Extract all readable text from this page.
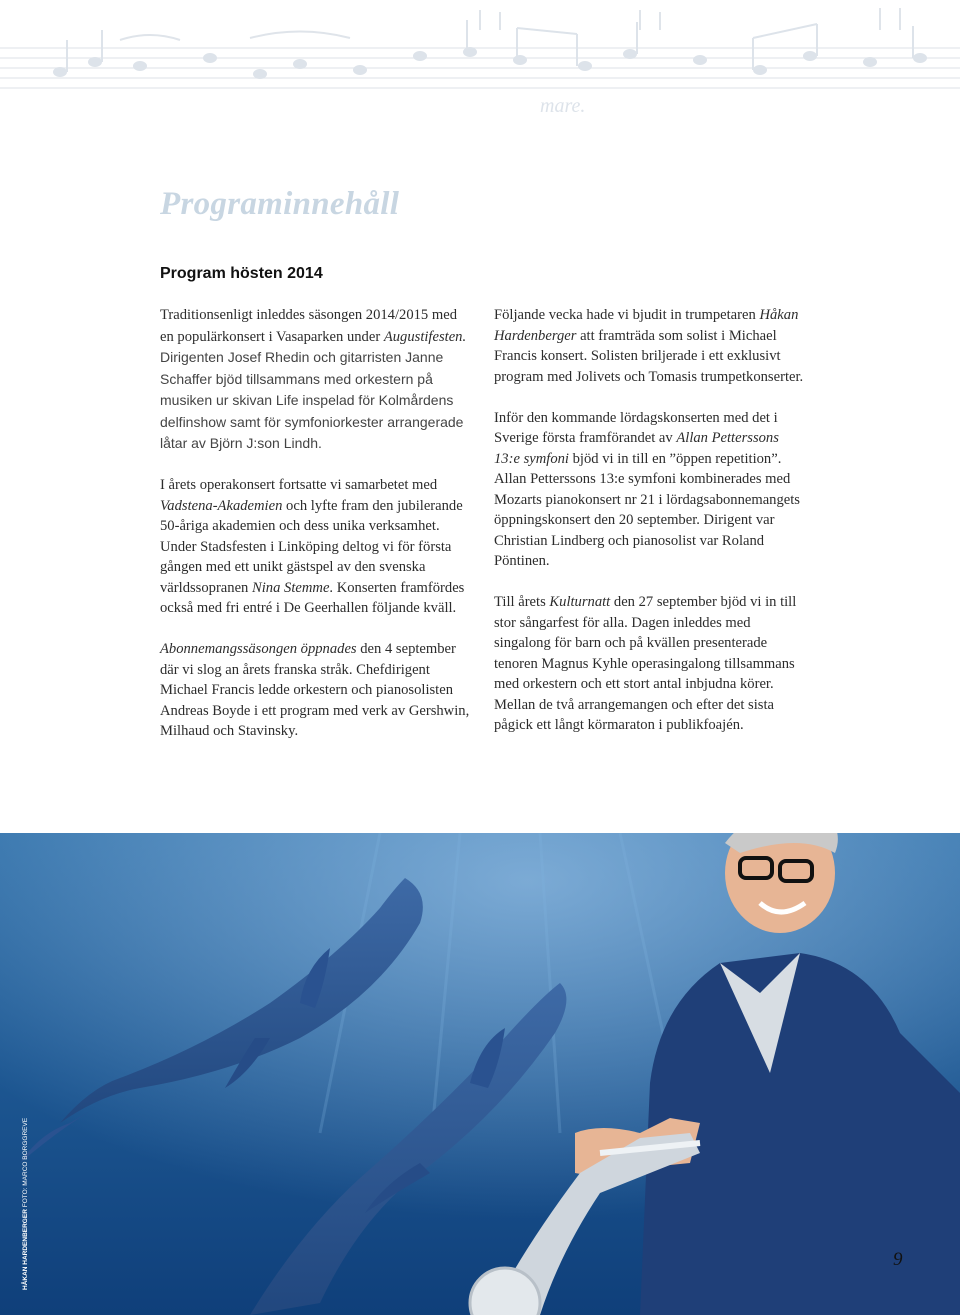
mare.
Programinnehåll
Program hösten 2014

Traditionsenligt inleddes säsongen 2014/2015 med en populärkonsert i Vasaparken under Augustifesten. Dirigenten Josef Rhedin och gitarristen Janne Schaffer bjöd tillsammans med orkestern på musiken ur skivan Life inspelad för Kolmårdens delfinshow samt för symfoniorkester arrangerade låtar av Björn J:son Lindh.

I årets operakonsert fortsatte vi samarbetet med Vadstena-Akademien och lyfte fram den jubilerande 50-åriga akademien och dess unika verksamhet. Under Stadsfesten i Linköping deltog vi för första gången med ett unikt gästspel av den svenska världssopranen Nina Stemme. Konserten framfördes också med fri entré i De Geerhallen följande kväll.

Abonnemangssäsongen öppnades den 4 september där vi slog an årets franska stråk. Chefdirigent Michael Francis ledde orkestern och pianosolisten Andreas Boyde i ett program med verk av Gershwin, Milhaud och Stavinsky.

Följande vecka hade vi bjudit in trumpetaren Håkan Hardenberger att framträda som solist i Michael Francis konsert. Solisten briljerade i ett exklusivt program med Jolivets och Tomasis trumpetkonserter.

Inför den kommande lördagskonserten med det i Sverige första framförandet av Allan Petterssons 13:e symfoni bjöd vi in till en ”öppen repetition”. Allan Petterssons 13:e symfoni kombinerades med Mozarts pianokonsert nr 21 i lördagsabonnemangets öppningskonsert den 20 september. Dirigent var Christian Lindberg och pianosolist var Roland Pöntinen.

Till årets Kulturnatt den 27 september bjöd vi in till stor sångarfest för alla. Dagen inleddes med singalong för barn och på kvällen presenterade tenoren Magnus Kyhle operasingalong tillsammans med orkestern och ett stort antal inbjudna körer. Mellan de två arrangemangen och efter det sista pågick ett långt körmaraton i publikfoajén.

HÅKAN HARDENBERGER FOTO: MARCO BORGGREVE
9
